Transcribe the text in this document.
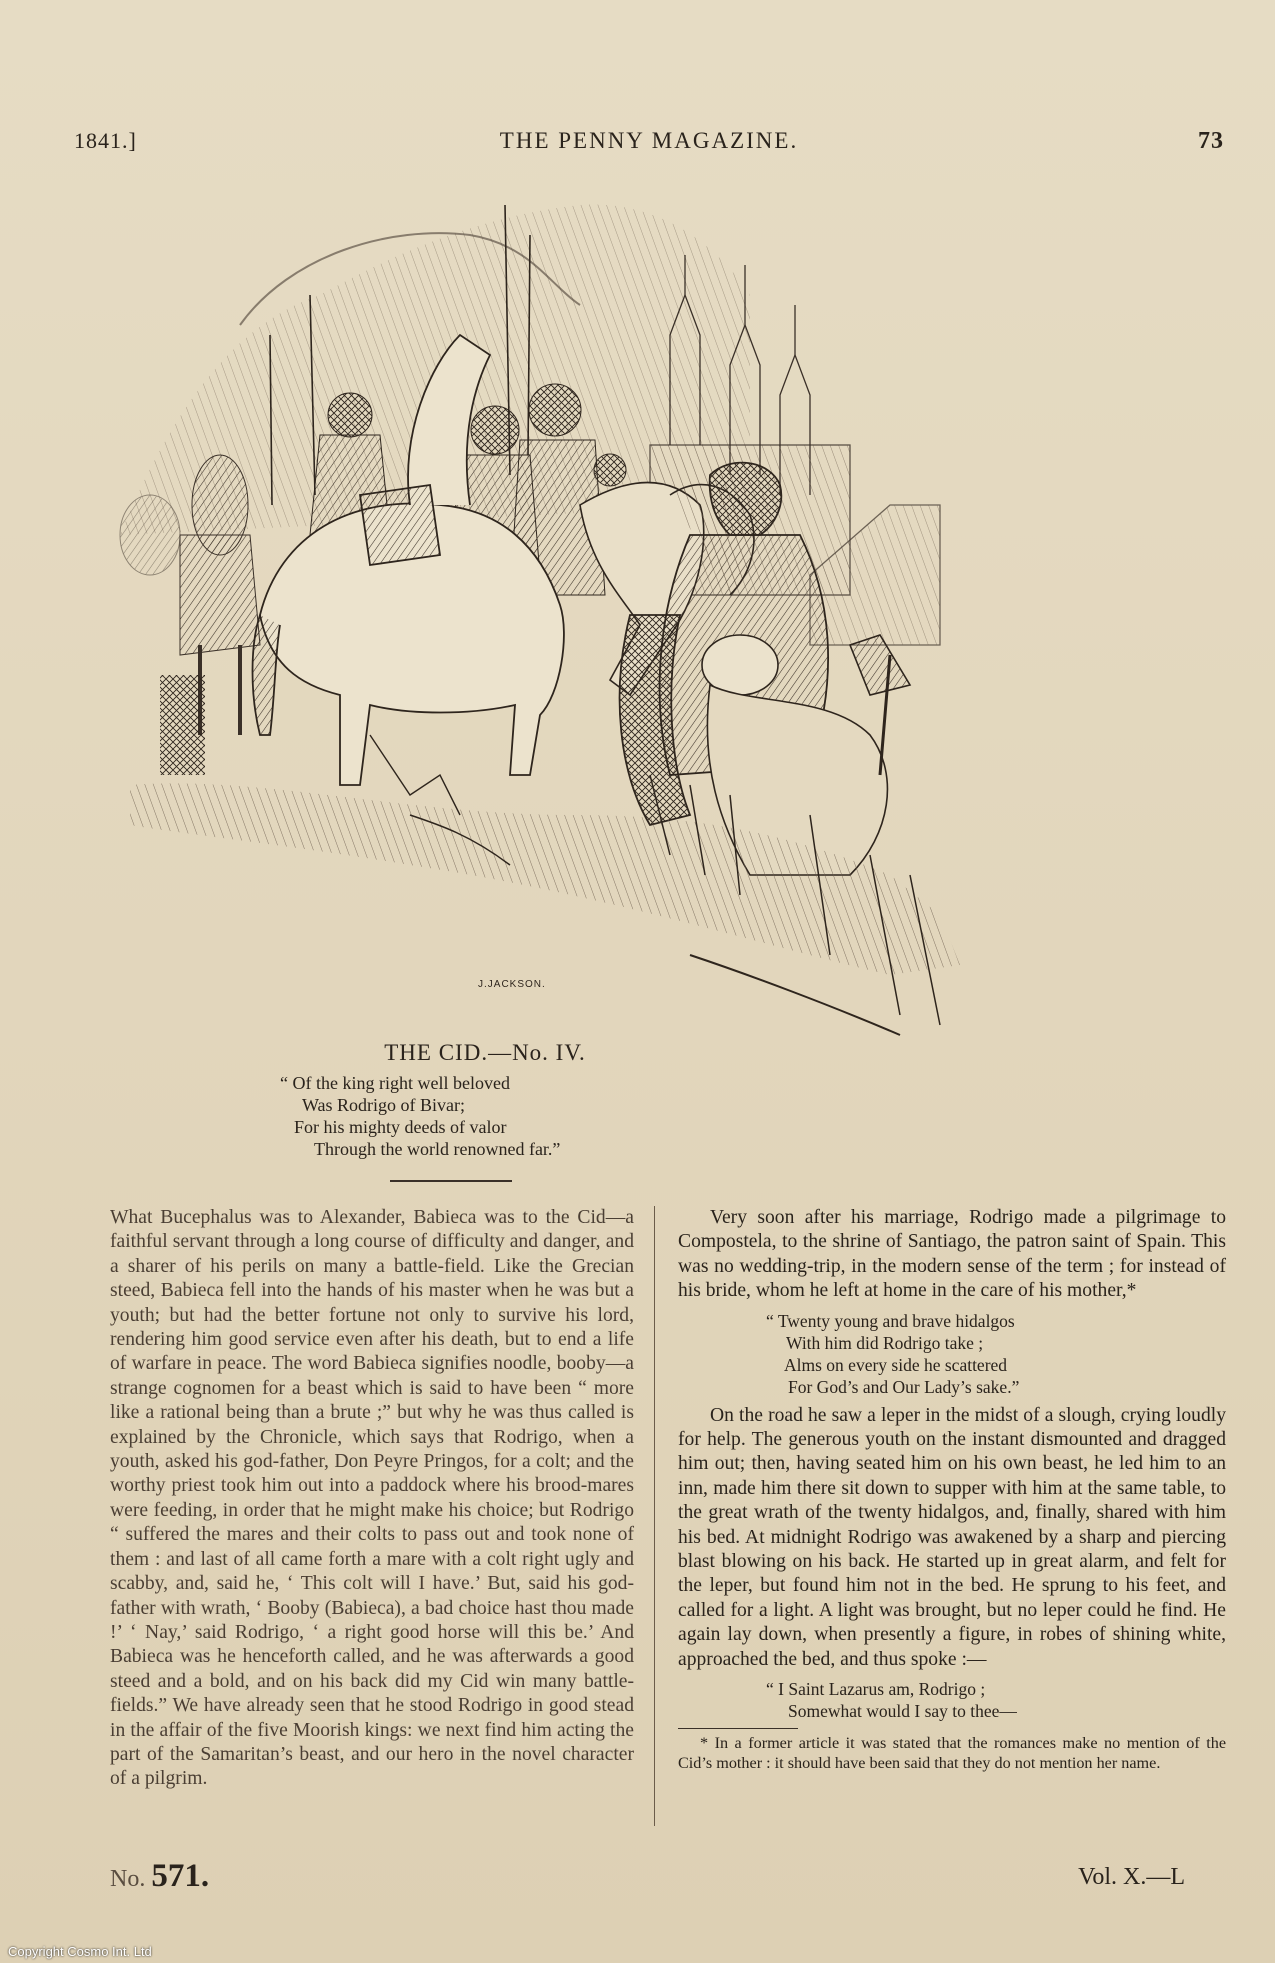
1841.]	THE PENNY MAGAZINE.	73
J.JACKSON.
THE CID.—No. IV.
“ Of the king right well beloved
Was Rodrigo of Bivar;
For his mighty deeds of valor
Through the world renowned far.”

What Bucephalus was to Alexander, Babieca was to the Cid—a faithful servant through a long course of difficulty and danger, and a sharer of his perils on many a battle-field. Like the Grecian steed, Babieca fell into the hands of his master when he was but a youth; but had the better fortune not only to survive his lord, rendering him good service even after his death, but to end a life of warfare in peace. The word Babieca signifies noodle, booby—a strange cognomen for a beast which is said to have been “ more like a rational being than a brute ;” but why he was thus called is explained by the Chronicle, which says that Rodrigo, when a youth, asked his god-father, Don Peyre Pringos, for a colt; and the worthy priest took him out into a paddock where his brood-mares were feeding, in order that he might make his choice; but Rodrigo “ suffered the mares and their colts to pass out and took none of them : and last of all came forth a mare with a colt right ugly and scabby, and, said he, ‘ This colt will I have.’ But, said his god-father with wrath, ‘ Booby (Babieca), a bad choice hast thou made !’ ‘ Nay,’ said Rodrigo, ‘ a right good horse will this be.’ And Babieca was he henceforth called, and he was afterwards a good steed and a bold, and on his back did my Cid win many battle-fields.” We have already seen that he stood Rodrigo in good stead in the affair of the five Moorish kings: we next find him acting the part of the Samaritan’s beast, and our hero in the novel character of a pilgrim.

Very soon after his marriage, Rodrigo made a pilgrimage to Compostela, to the shrine of Santiago, the patron saint of Spain. This was no wedding-trip, in the modern sense of the term ; for instead of his bride, whom he left at home in the care of his mother,*

“ Twenty young and brave hidalgos
With him did Rodrigo take ;
Alms on every side he scattered
For God’s and Our Lady’s sake.”

On the road he saw a leper in the midst of a slough, crying loudly for help. The generous youth on the instant dismounted and dragged him out; then, having seated him on his own beast, he led him to an inn, made him there sit down to supper with him at the same table, to the great wrath of the twenty hidalgos, and, finally, shared with him his bed. At midnight Rodrigo was awakened by a sharp and piercing blast blowing on his back. He started up in great alarm, and felt for the leper, but found him not in the bed. He sprung to his feet, and called for a light. A light was brought, but no leper could he find. He again lay down, when presently a figure, in robes of shining white, approached the bed, and thus spoke :—

“ I Saint Lazarus am, Rodrigo ;
Somewhat would I say to thee—

* In a former article it was stated that the romances make no mention of the Cid’s mother : it should have been said that they do not mention her name.

No. 571.	Vol. X.—L
Copyright Cosmo Int. Ltd
